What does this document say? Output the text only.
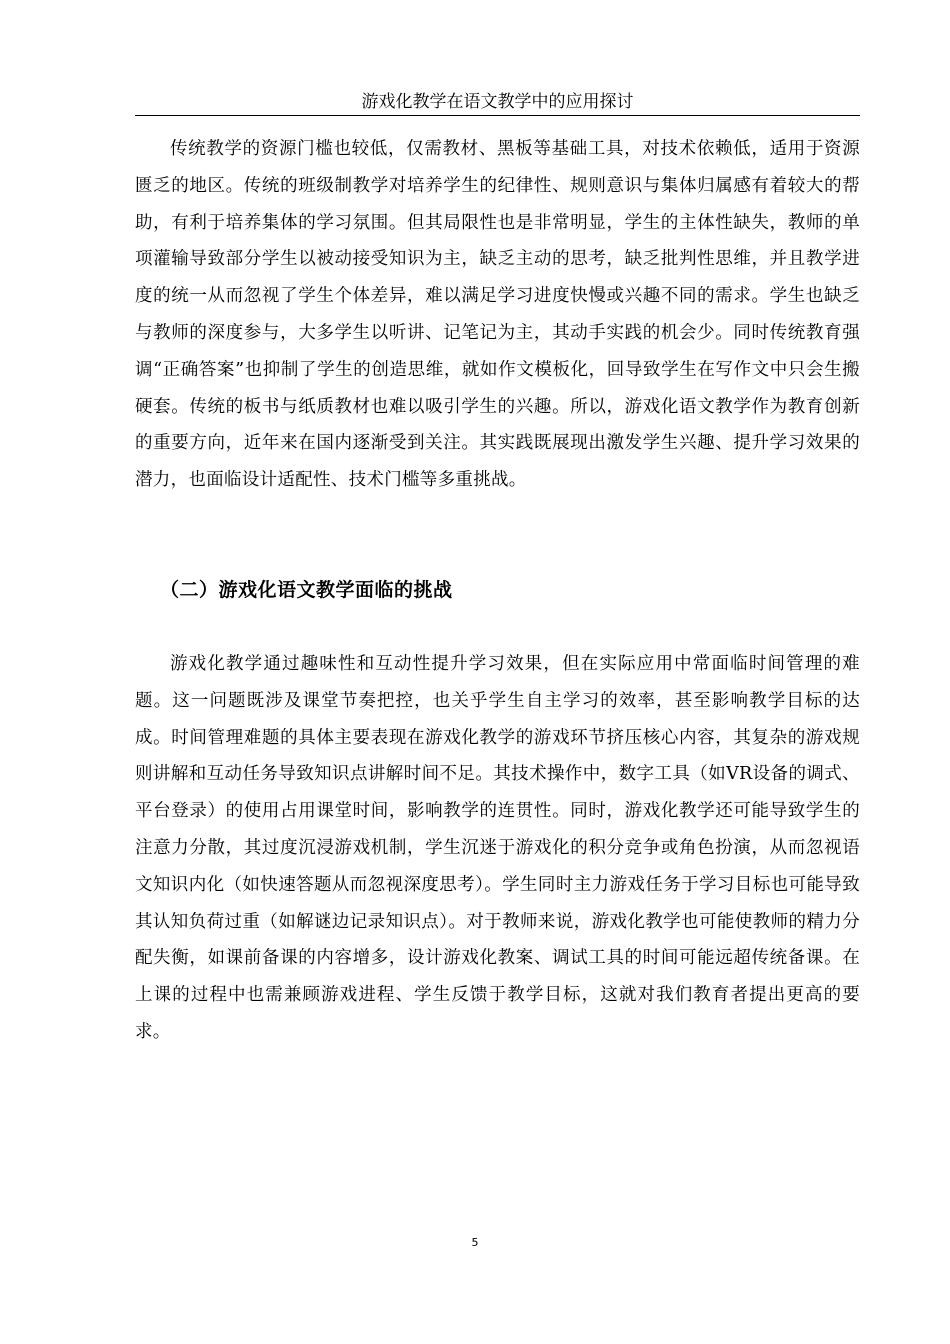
游戏化教学在语文教学中的应用探讨

传统教学的资源门槛也较低，仅需教材、黑板等基础工具，对技术依赖低，适用于资源匮乏的地区。传统的班级制教学对培养学生的纪律性、规则意识与集体归属感有着较大的帮助，有利于培养集体的学习氛围。但其局限性也是非常明显，学生的主体性缺失，教师的单项灌输导致部分学生以被动接受知识为主，缺乏主动的思考，缺乏批判性思维，并且教学进度的统一从而忽视了学生个体差异，难以满足学习进度快慢或兴趣不同的需求。学生也缺乏与教师的深度参与，大多学生以听讲、记笔记为主，其动手实践的机会少。同时传统教育强调“正确答案”也抑制了学生的创造思维，就如作文模板化，回导致学生在写作文中只会生搬硬套。传统的板书与纸质教材也难以吸引学生的兴趣。所以，游戏化语文教学作为教育创新的重要方向，近年来在国内逐渐受到关注。其实践既展现出激发学生兴趣、提升学习效果的潜力，也面临设计适配性、技术门槛等多重挑战。

（二）游戏化语文教学面临的挑战

游戏化教学通过趣味性和互动性提升学习效果，但在实际应用中常面临时间管理的难题。这一问题既涉及课堂节奏把控，也关乎学生自主学习的效率，甚至影响教学目标的达成。时间管理难题的具体主要表现在游戏化教学的游戏环节挤压核心内容，其复杂的游戏规则讲解和互动任务导致知识点讲解时间不足。其技术操作中，数字工具（如VR设备的调式、平台登录）的使用占用课堂时间，影响教学的连贯性。同时，游戏化教学还可能导致学生的注意力分散，其过度沉浸游戏机制，学生沉迷于游戏化的积分竞争或角色扮演，从而忽视语文知识内化（如快速答题从而忽视深度思考）。学生同时主力游戏任务于学习目标也可能导致其认知负荷过重（如解谜边记录知识点）。对于教师来说，游戏化教学也可能使教师的精力分配失衡，如课前备课的内容增多，设计游戏化教案、调试工具的时间可能远超传统备课。在上课的过程中也需兼顾游戏进程、学生反馈于教学目标，这就对我们教育者提出更高的要求。

5
